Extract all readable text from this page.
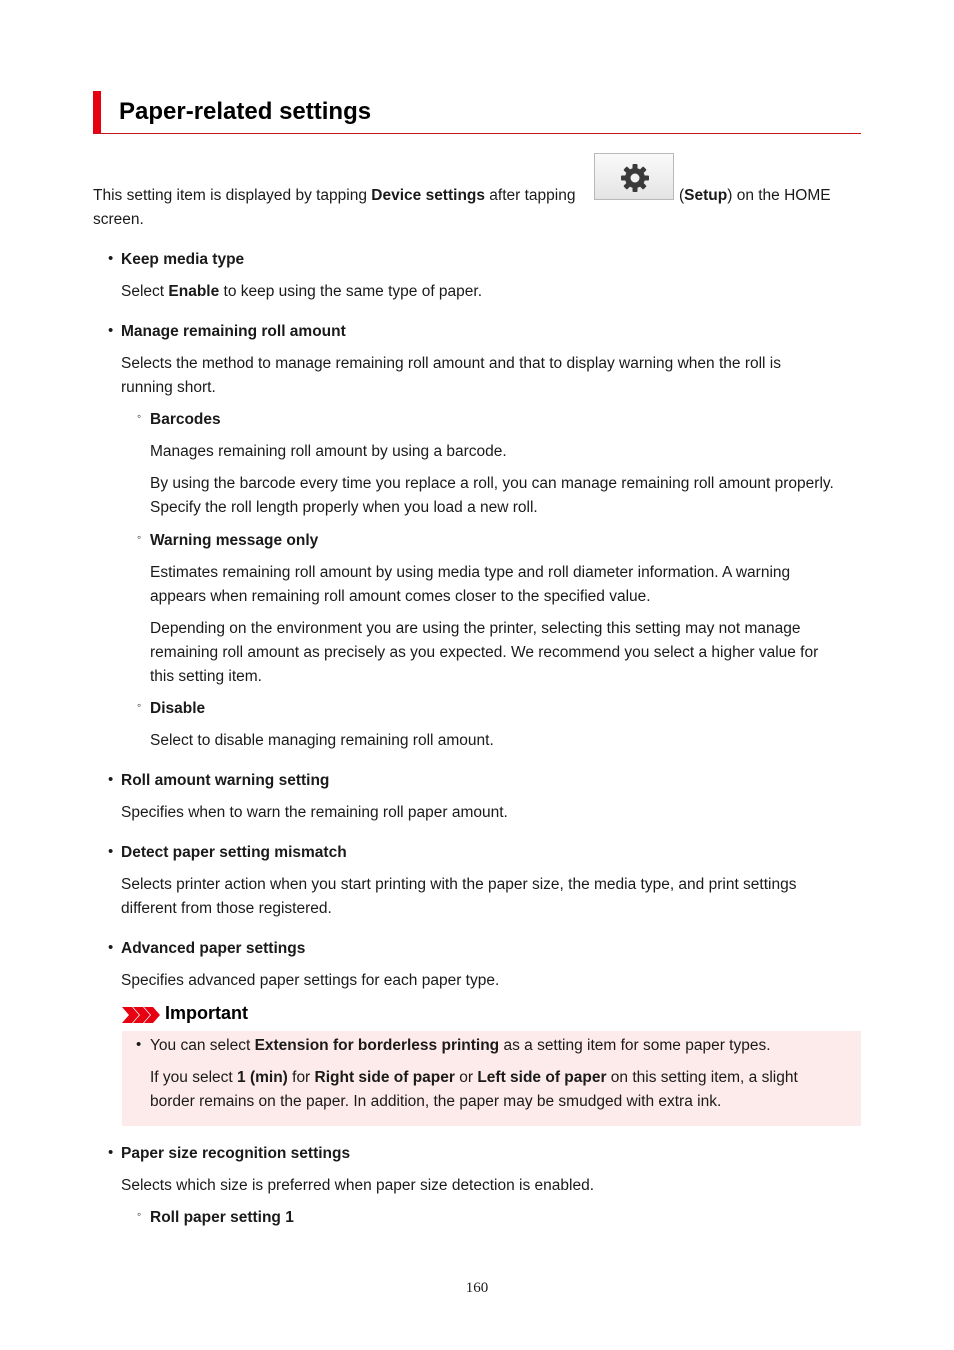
Paper-related settings
This setting item is displayed by tapping Device settings after tapping	(Setup) on the HOME
screen.
• Keep media type
Select Enable to keep using the same type of paper.
• Manage remaining roll amount
Selects the method to manage remaining roll amount and that to display warning when the roll is
running short.
◦ Barcodes
Manages remaining roll amount by using a barcode.
By using the barcode every time you replace a roll, you can manage remaining roll amount properly.
Specify the roll length properly when you load a new roll.
◦ Warning message only
Estimates remaining roll amount by using media type and roll diameter information. A warning
appears when remaining roll amount comes closer to the specified value.
Depending on the environment you are using the printer, selecting this setting may not manage
remaining roll amount as precisely as you expected. We recommend you select a higher value for
this setting item.
◦ Disable
Select to disable managing remaining roll amount.
• Roll amount warning setting
Specifies when to warn the remaining roll paper amount.
• Detect paper setting mismatch
Selects printer action when you start printing with the paper size, the media type, and print settings
different from those registered.
• Advanced paper settings
Specifies advanced paper settings for each paper type.
Important
• You can select Extension for borderless printing as a setting item for some paper types.
If you select 1 (min) for Right side of paper or Left side of paper on this setting item, a slight
border remains on the paper. In addition, the paper may be smudged with extra ink.
• Paper size recognition settings
Selects which size is preferred when paper size detection is enabled.
◦ Roll paper setting 1
160
